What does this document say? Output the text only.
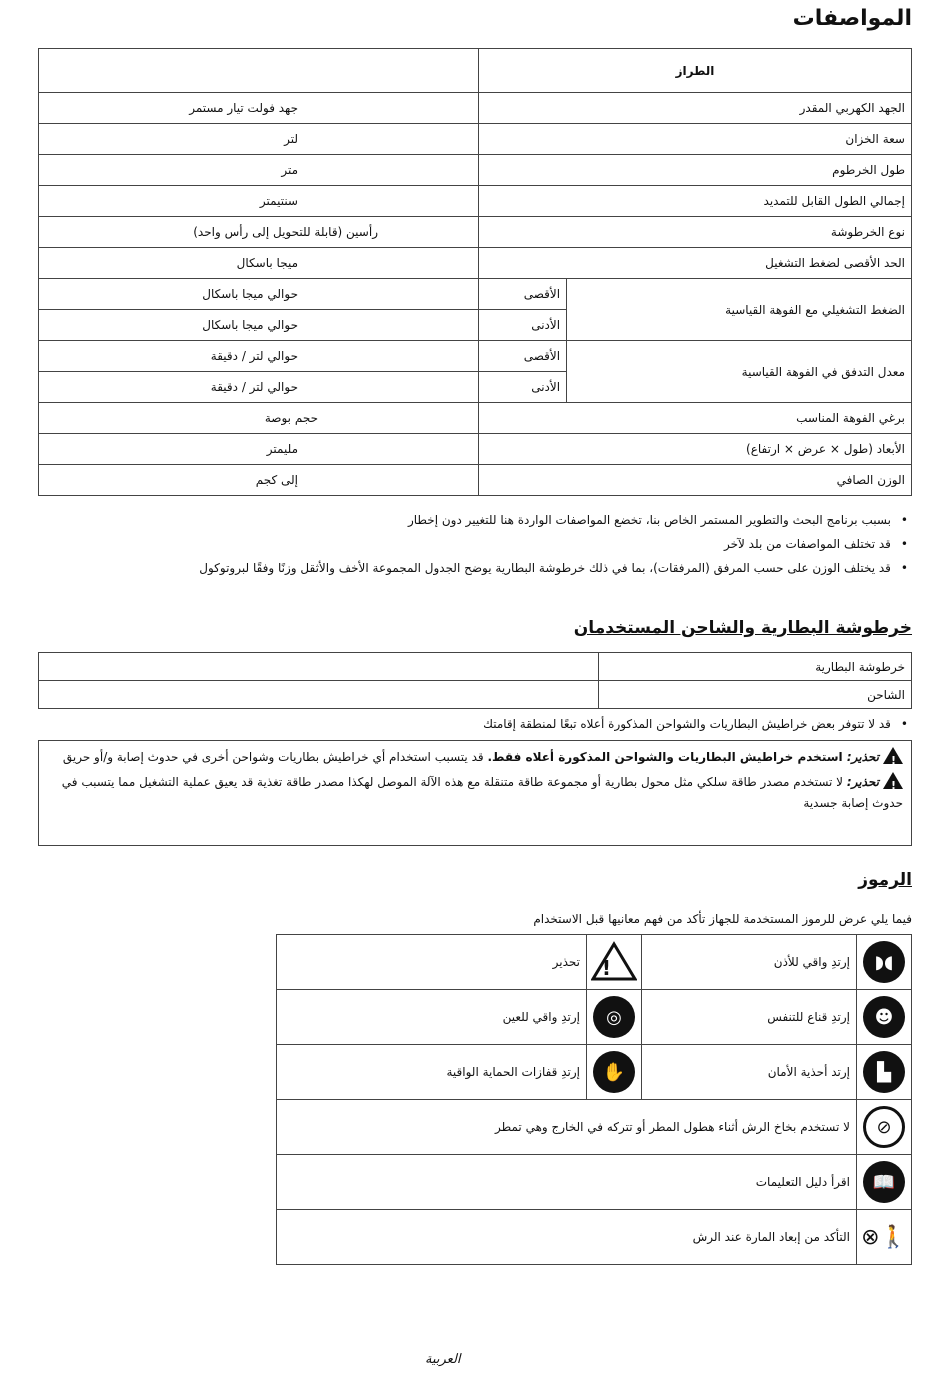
المواصفات
الطراز		
الجهد الكهربي المقدر		جهد فولت تيار مستمر
سعة الخزان		لتر
طول الخرطوم		متر
إجمالي الطول القابل للتمديد		سنتيمتر
نوع الخرطوشة		رأسين (قابلة للتحويل إلى رأس واحد)
الحد الأقصى لضغط التشغيل		ميجا باسكال
الضغط التشغيلي مع الفوهة القياسية	الأقصى	حوالي ميجا باسكال
	الأدنى	حوالي ميجا باسكال
معدل التدفق في الفوهة القياسية	الأقصى	حوالي لتر / دقيقة
	الأدنى	حوالي لتر / دقيقة
برغي الفوهة المناسب		حجم بوصة
الأبعاد (طول × عرض × ارتفاع)		مليمتر
الوزن الصافي		إلى كجم
• بسبب برنامج البحث والتطوير المستمر الخاص بنا، تخضع المواصفات الواردة هنا للتغيير دون إخطار
• قد تختلف المواصفات من بلد لآخر
• قد يختلف الوزن على حسب المرفق (المرفقات)، بما في ذلك خرطوشة البطارية يوضح الجدول المجموعة الأخف والأثقل وزنًا وفقًا لبروتوكول
خرطوشة البطارية والشاحن المستخدمان
خرطوشة البطارية	
الشاحن	
• قد لا تتوفر بعض خراطيش البطاريات والشواحن المذكورة أعلاه تبعًا لمنطقة إقامتك

!تحذير: استخدم خراطيش البطاريات والشواحن المذكورة أعلاه فقط. قد يتسبب استخدام أي خراطيش بطاريات وشواحن أخرى في حدوث إصابة و/أو حريق

!تحذير: لا تستخدم مصدر طاقة سلكي مثل محول بطارية أو مجموعة طاقة متنقلة مع هذه الآلة الموصل لهكذا مصدر طاقة تغذية قد يعيق عملية التشغيل مما يتسبب في حدوث إصابة جسدية

الرموز
فيما يلي عرض للرموز المستخدمة للجهاز تأكد من فهم معانيها قبل الاستخدام
◖◗	إرتدِ واقي للأذن	!	تحذير
☻	إرتدِ قناع للتنفس	◎	إرتدِ واقي للعين
▙	إرتد أحذية الأمان	✋	إرتدِ قفازات الحماية الواقية
⊘	لا تستخدم بخاخ الرش أثناء هطول المطر أو تتركه في الخارج وهي تمطر		
📖	اقرأ دليل التعليمات		
🚶⊗	التأكد من إبعاد المارة عند الرش		
العربية
